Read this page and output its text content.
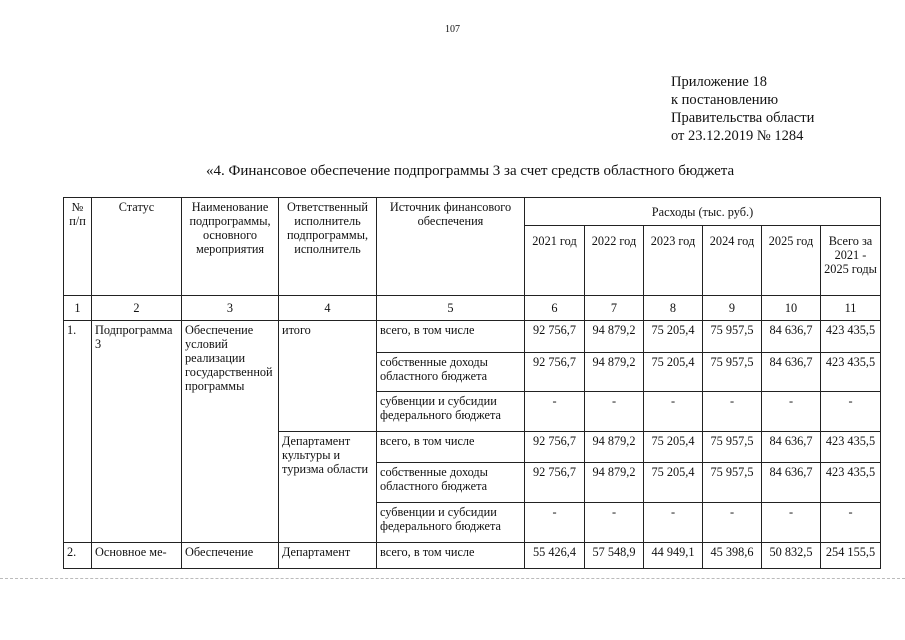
107
Приложение 18
к постановлению
Правительства области
от 23.12.2019 № 1284
«4. Финансовое обеспечение подпрограммы 3 за счет средств областного бюджета
№ п/п	Статус	Наименование подпрограммы, основного мероприятия	Ответственный исполнитель подпрограммы, исполнитель	Источник финансового обеспечения	Расходы (тыс. руб.)					
					2021 год	2022 год	2023 год	2024 год	2025 год	Всего за 2021 - 2025 годы
1	2	3	4	5	6	7	8	9	10	11
1.	Подпрограмма 3	Обеспечение условий реализации государственной программы	итого	всего, в том числе	92 756,7	94 879,2	75 205,4	75 957,5	84 636,7	423 435,5
				собственные доходы областного бюджета	92 756,7	94 879,2	75 205,4	75 957,5	84 636,7	423 435,5
				субвенции и субсидии федерального бюджета	-	-	-	-	-	-
			Департамент культуры и туризма области	всего, в том числе	92 756,7	94 879,2	75 205,4	75 957,5	84 636,7	423 435,5
				собственные доходы областного бюджета	92 756,7	94 879,2	75 205,4	75 957,5	84 636,7	423 435,5
				субвенции и субсидии федерального бюджета	-	-	-	-	-	-
2.	Основное ме-	Обеспечение	Департамент	всего, в том числе	55 426,4	57 548,9	44 949,1	45 398,6	50 832,5	254 155,5
